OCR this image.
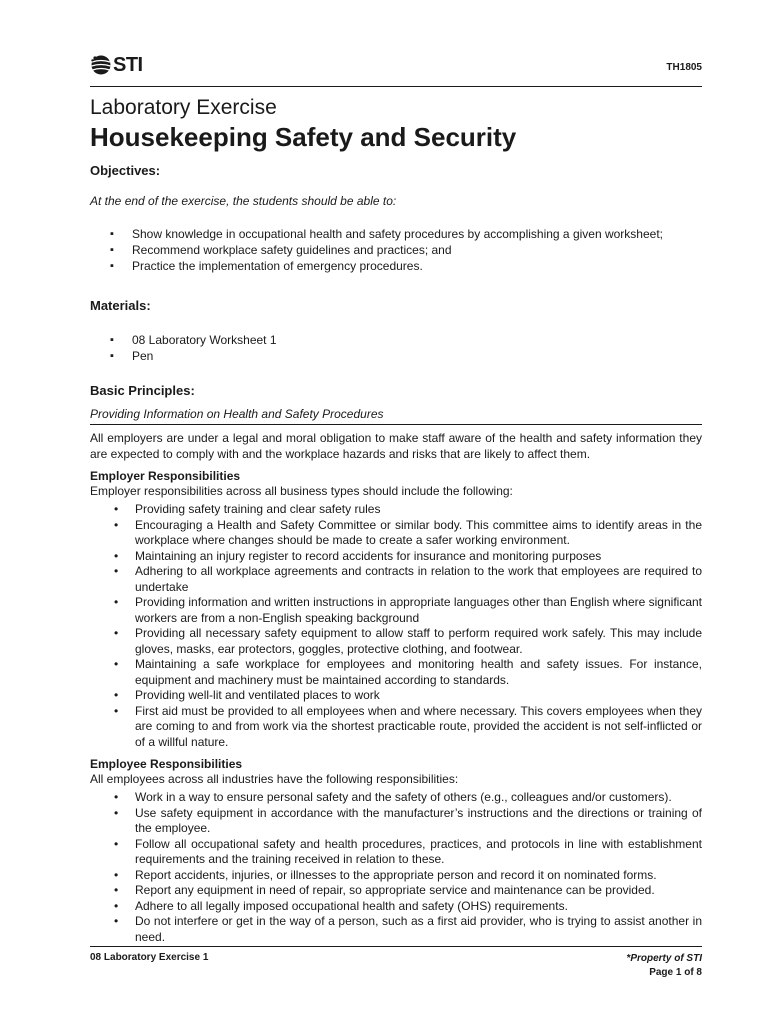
STI	TH1805

Laboratory Exercise

Housekeeping Safety and Security

Objectives:

At the end of the exercise, the students should be able to:

▪ Show knowledge in occupational health and safety procedures by accomplishing a given worksheet;
▪ Recommend workplace safety guidelines and practices; and
▪ Practice the implementation of emergency procedures.
Materials:
▪ 08 Laboratory Worksheet 1
▪ Pen
Basic Principles:

Providing Information on Health and Safety Procedures

All employers are under a legal and moral obligation to make staff aware of the health and safety information they are expected to comply with and the workplace hazards and risks that are likely to affect them.

Employer Responsibilities

Employer responsibilities across all business types should include the following:

• Providing safety training and clear safety rules
• Encouraging a Health and Safety Committee or similar body. This committee aims to identify areas in the workplace where changes should be made to create a safer working environment.
• Maintaining an injury register to record accidents for insurance and monitoring purposes
• Adhering to all workplace agreements and contracts in relation to the work that employees are required to undertake
• Providing information and written instructions in appropriate languages other than English where significant workers are from a non-English speaking background
• Providing all necessary safety equipment to allow staff to perform required work safely. This may include gloves, masks, ear protectors, goggles, protective clothing, and footwear.
• Maintaining a safe workplace for employees and monitoring health and safety issues. For instance, equipment and machinery must be maintained according to standards.
• Providing well-lit and ventilated places to work
• First aid must be provided to all employees when and where necessary. This covers employees when they are coming to and from work via the shortest practicable route, provided the accident is not self-inflicted or of a willful nature.
Employee Responsibilities

All employees across all industries have the following responsibilities:

• Work in a way to ensure personal safety and the safety of others (e.g., colleagues and/or customers).
• Use safety equipment in accordance with the manufacturer’s instructions and the directions or training of the employee.
• Follow all occupational safety and health procedures, practices, and protocols in line with establishment requirements and the training received in relation to these.
• Report accidents, injuries, or illnesses to the appropriate person and record it on nominated forms.
• Report any equipment in need of repair, so appropriate service and maintenance can be provided.
• Adhere to all legally imposed occupational health and safety (OHS) requirements.
• Do not interfere or get in the way of a person, such as a first aid provider, who is trying to assist another in need.
08 Laboratory Exercise 1	*Property of STI
Page 1 of 8
